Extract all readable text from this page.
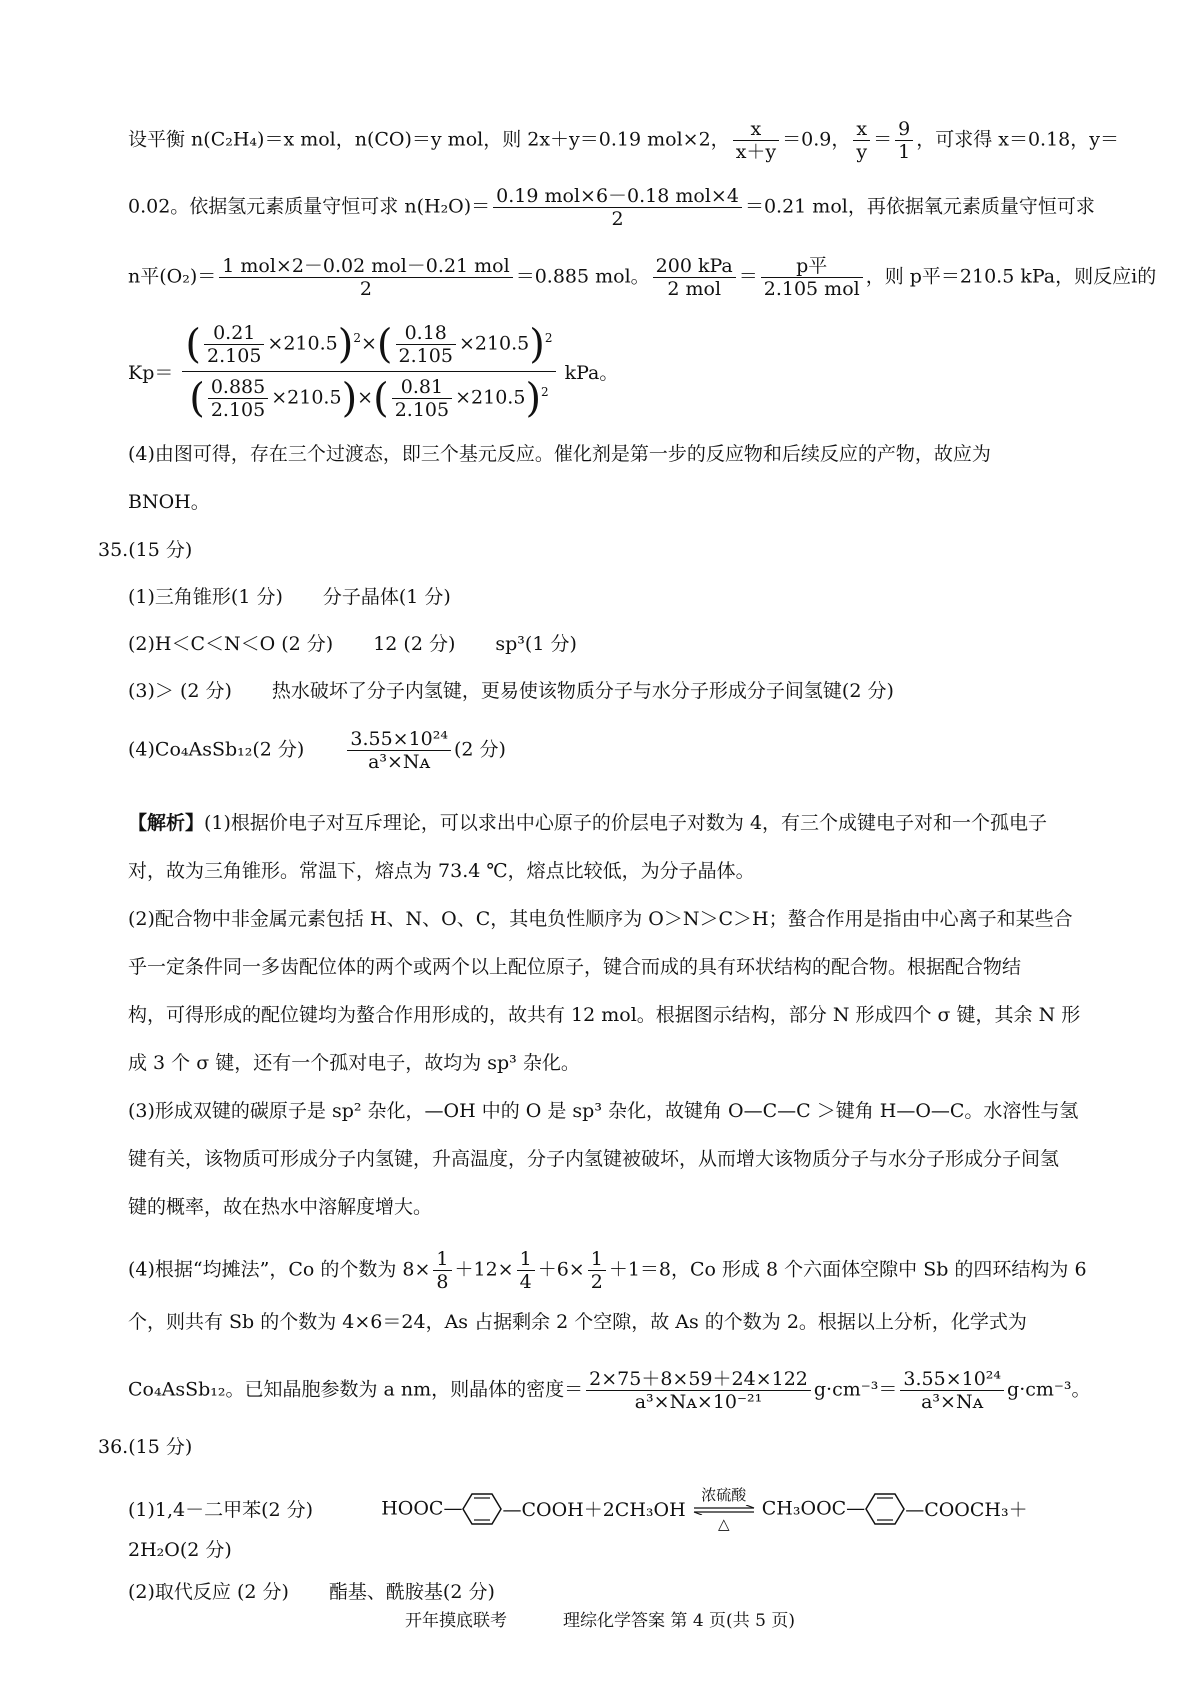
设平衡 n(C₂H₄)＝x mol，n(CO)＝y mol，则 2x＋y＝0.19 mol×2， $\frac{x}{x+y} =0.9$， $\frac{x}{y} = \frac{9}{1}$ ，可求得 x＝0.18，y＝
0.02。依据氢元素质量守恒可求 $n(H_2O)= \frac{\text{0.19 mol×6－0.18 mol×4}}{2} =0.21$ mol，再依据氧元素质量守恒可求
n平$(O_2)= \frac{\text{1 mol×2－0.02 mol－0.21 mol}}{2} =0.885$ mol。 $\frac{\text{200 kPa}}{\text{2 mol}} = \frac{\text{p平}}{\text{2.105 mol}}$ ，则 p平＝210.5 kPa，则反应ⅰ的
$Kp= \frac{( \frac{0.21}{2.105} \times 210.5)^2\times( \frac{0.18}{2.105} \times 210.5)^2}{( \frac{0.885}{2.105} \times 210.5)\times( \frac{0.81}{2.105} \times 210.5)^2}$ kPa。
(4)由图可得，存在三个过渡态，即三个基元反应。催化剂是第一步的反应物和后续反应的产物，故应为
BNOH。
35.(15 分)
(1)三角锥形(1 分) 分子晶体(1 分)
(2)H＜C＜N＜O (2 分) 12 (2 分) sp³(1 分)
(3)＞ (2 分) 热水破坏了分子内氢键，更易使该物质分子与水分子形成分子间氢键(2 分)
(4)Co₄AsSb₁₂(2 分) $\frac{\text{3.55×10²⁴}}{\text{a³×Nᴀ}} (2$ 分)
【解析】(1)根据价电子对互斥理论，可以求出中心原子的价层电子对数为 4，有三个成键电子对和一个孤电子
对，故为三角锥形。常温下，熔点为 73.4 ℃，熔点比较低，为分子晶体。
(2)配合物中非金属元素包括 H、N、O、C，其电负性顺序为 O＞N＞C＞H；螯合作用是指由中心离子和某些合
乎一定条件同一多齿配位体的两个或两个以上配位原子，键合而成的具有环状结构的配合物。根据配合物结
构，可得形成的配位键均为螯合作用形成的，故共有 12 mol。根据图示结构，部分 N 形成四个 σ 键，其余 N 形
成 3 个 σ 键，还有一个孤对电子，故均为 sp³ 杂化。
(3)形成双键的碳原子是 sp² 杂化，—OH 中的 O 是 sp³ 杂化，故键角 O—C—C ＞键角 H—O—C。水溶性与氢
键有关，该物质可形成分子内氢键，升高温度，分子内氢键被破坏，从而增大该物质分子与水分子形成分子间氢
键的概率，故在热水中溶解度增大。
(4)根据“均摊法”，Co 的个数为 $8\times \frac{1}{8} +12\times \frac{1}{4} +6\times \frac{1}{2} +1=8$，Co 形成 8 个六面体空隙中 Sb 的四环结构为 6
个，则共有 Sb 的个数为 4×6＝24，As 占据剩余 2 个空隙，故 As 的个数为 2。根据以上分析，化学式为
Co₄AsSb₁₂。已知晶胞参数为 a nm，则晶体的密度＝ $\frac{2\times 75+8\times 59+24\times 122}{\text{a³×Nᴀ×10⁻²¹}} g\cdot cm^{-3}= \frac{\text{3.55×10²⁴}}{\text{a³×Nᴀ}} g\cdot cm^{-3}$。
36.(15 分)
(1)1,4－二甲苯(2 分)	HOOC— —COOH＋2CH₃OH
浓硫酸
△
CH₃OOC— —COOCH₃＋
2H₂O(2 分)
(2)取代反应 (2 分) 酯基、酰胺基(2 分)
开年摸底联考	理综化学答案 第 4 页(共 5 页)
